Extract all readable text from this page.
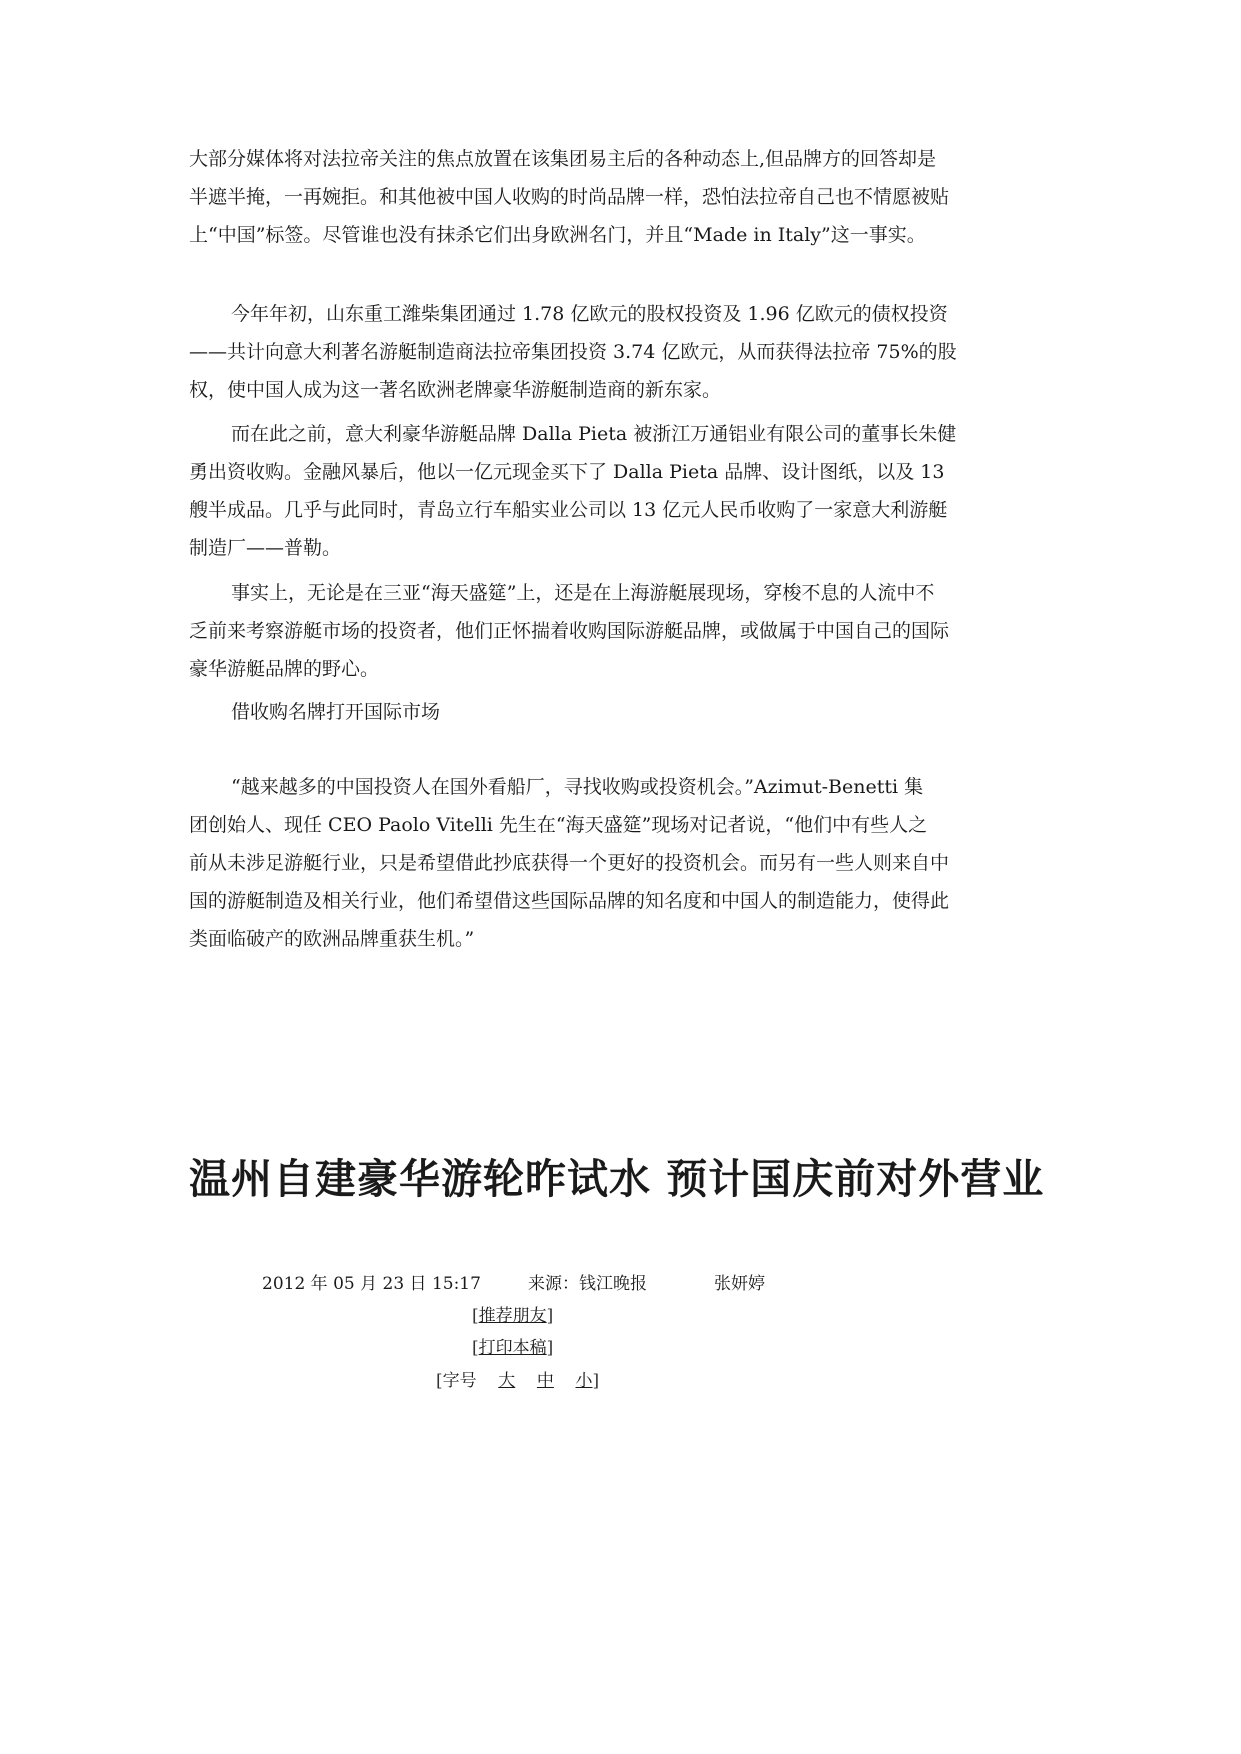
大部分媒体将对法拉帝关注的焦点放置在该集团易主后的各种动态上,但品牌方的回答却是
半遮半掩，一再婉拒。和其他被中国人收购的时尚品牌一样，恐怕法拉帝自己也不情愿被贴
上“中国”标签。尽管谁也没有抹杀它们出身欧洲名门，并且“Made in Italy”这一事实。
今年年初，山东重工潍柴集团通过 1.78 亿欧元的股权投资及 1.96 亿欧元的债权投资
——共计向意大利著名游艇制造商法拉帝集团投资 3.74 亿欧元，从而获得法拉帝 75%的股
权，使中国人成为这一著名欧洲老牌豪华游艇制造商的新东家。
而在此之前，意大利豪华游艇品牌 Dalla Pieta 被浙江万通铝业有限公司的董事长朱健
勇出资收购。金融风暴后，他以一亿元现金买下了 Dalla Pieta 品牌、设计图纸，以及 13
艘半成品。几乎与此同时，青岛立行车船实业公司以 13 亿元人民币收购了一家意大利游艇
制造厂——普勒。
事实上，无论是在三亚“海天盛筵”上，还是在上海游艇展现场，穿梭不息的人流中不
乏前来考察游艇市场的投资者，他们正怀揣着收购国际游艇品牌，或做属于中国自己的国际
豪华游艇品牌的野心。
借收购名牌打开国际市场
“越来越多的中国投资人在国外看船厂，寻找收购或投资机会。”Azimut-Benetti 集
团创始人、现任 CEO Paolo Vitelli 先生在“海天盛筵”现场对记者说，“他们中有些人之
前从未涉足游艇行业，只是希望借此抄底获得一个更好的投资机会。而另有一些人则来自中
国的游艇制造及相关行业，他们希望借这些国际品牌的知名度和中国人的制造能力，使得此
类面临破产的欧洲品牌重获生机。”
温州自建豪华游轮昨试水 预计国庆前对外营业
2012 年 05 月 23 日 15:17	来源：钱江晚报	张妍婷
[推荐朋友]
[打印本稿]
[字号 大 中 小]
